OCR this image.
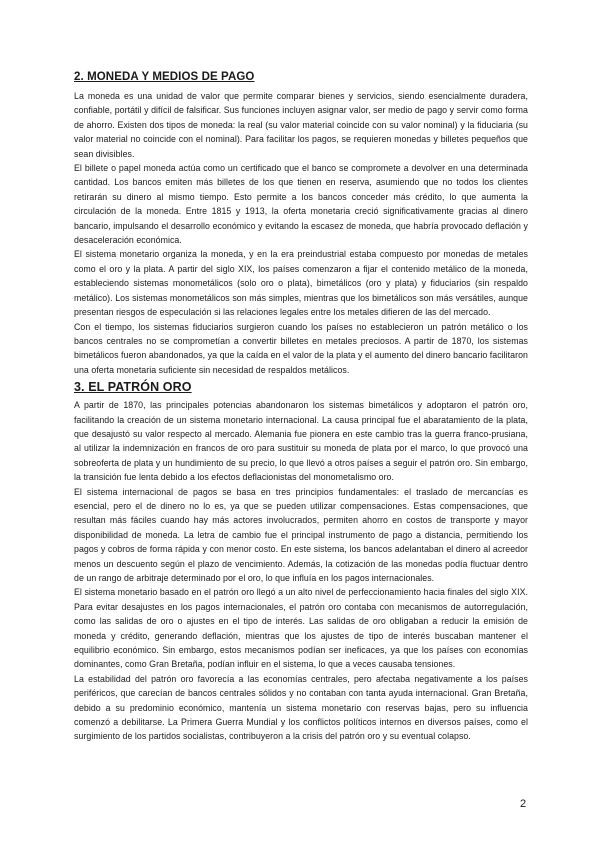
2. MONEDA Y MEDIOS DE PAGO

La moneda es una unidad de valor que permite comparar bienes y servicios, siendo esencialmente duradera, confiable, portátil y difícil de falsificar. Sus funciones incluyen asignar valor, ser medio de pago y servir como forma de ahorro. Existen dos tipos de moneda: la real (su valor material coincide con su valor nominal) y la fiduciaria (su valor material no coincide con el nominal). Para facilitar los pagos, se requieren monedas y billetes pequeños que sean divisibles.

El billete o papel moneda actúa como un certificado que el banco se compromete a devolver en una determinada cantidad. Los bancos emiten más billetes de los que tienen en reserva, asumiendo que no todos los clientes retirarán su dinero al mismo tiempo. Esto permite a los bancos conceder más crédito, lo que aumenta la circulación de la moneda. Entre 1815 y 1913, la oferta monetaria creció significativamente gracias al dinero bancario, impulsando el desarrollo económico y evitando la escasez de moneda, que habría provocado deflación y desaceleración económica.

El sistema monetario organiza la moneda, y en la era preindustrial estaba compuesto por monedas de metales como el oro y la plata. A partir del siglo XIX, los países comenzaron a fijar el contenido metálico de la moneda, estableciendo sistemas monometálicos (solo oro o plata), bimetálicos (oro y plata) y fiduciarios (sin respaldo metálico). Los sistemas monometálicos son más simples, mientras que los bimetálicos son más versátiles, aunque presentan riesgos de especulación si las relaciones legales entre los metales difieren de las del mercado.

Con el tiempo, los sistemas fiduciarios surgieron cuando los países no establecieron un patrón metálico o los bancos centrales no se comprometían a convertir billetes en metales preciosos. A partir de 1870, los sistemas bimetálicos fueron abandonados, ya que la caída en el valor de la plata y el aumento del dinero bancario facilitaron una oferta monetaria suficiente sin necesidad de respaldos metálicos.

3. EL PATRÓN ORO

A partir de 1870, las principales potencias abandonaron los sistemas bimetálicos y adoptaron el patrón oro, facilitando la creación de un sistema monetario internacional. La causa principal fue el abaratamiento de la plata, que desajustó su valor respecto al mercado. Alemania fue pionera en este cambio tras la guerra franco-prusiana, al utilizar la indemnización en francos de oro para sustituir su moneda de plata por el marco, lo que provocó una sobreoferta de plata y un hundimiento de su precio, lo que llevó a otros países a seguir el patrón oro. Sin embargo, la transición fue lenta debido a los efectos deflacionistas del monometalismo oro.

El sistema internacional de pagos se basa en tres principios fundamentales: el traslado de mercancías es esencial, pero el de dinero no lo es, ya que se pueden utilizar compensaciones. Estas compensaciones, que resultan más fáciles cuando hay más actores involucrados, permiten ahorro en costos de transporte y mayor disponibilidad de moneda. La letra de cambio fue el principal instrumento de pago a distancia, permitiendo los pagos y cobros de forma rápida y con menor costo. En este sistema, los bancos adelantaban el dinero al acreedor menos un descuento según el plazo de vencimiento. Además, la cotización de las monedas podía fluctuar dentro de un rango de arbitraje determinado por el oro, lo que influía en los pagos internacionales.

El sistema monetario basado en el patrón oro llegó a un alto nivel de perfeccionamiento hacia finales del siglo XIX. Para evitar desajustes en los pagos internacionales, el patrón oro contaba con mecanismos de autorregulación, como las salidas de oro o ajustes en el tipo de interés. Las salidas de oro obligaban a reducir la emisión de moneda y crédito, generando deflación, mientras que los ajustes de tipo de interés buscaban mantener el equilibrio económico. Sin embargo, estos mecanismos podían ser ineficaces, ya que los países con economías dominantes, como Gran Bretaña, podían influir en el sistema, lo que a veces causaba tensiones.

La estabilidad del patrón oro favorecía a las economías centrales, pero afectaba negativamente a los países periféricos, que carecían de bancos centrales sólidos y no contaban con tanta ayuda internacional. Gran Bretaña, debido a su predominio económico, mantenía un sistema monetario con reservas bajas, pero su influencia comenzó a debilitarse. La Primera Guerra Mundial y los conflictos políticos internos en diversos países, como el surgimiento de los partidos socialistas, contribuyeron a la crisis del patrón oro y su eventual colapso.

2
